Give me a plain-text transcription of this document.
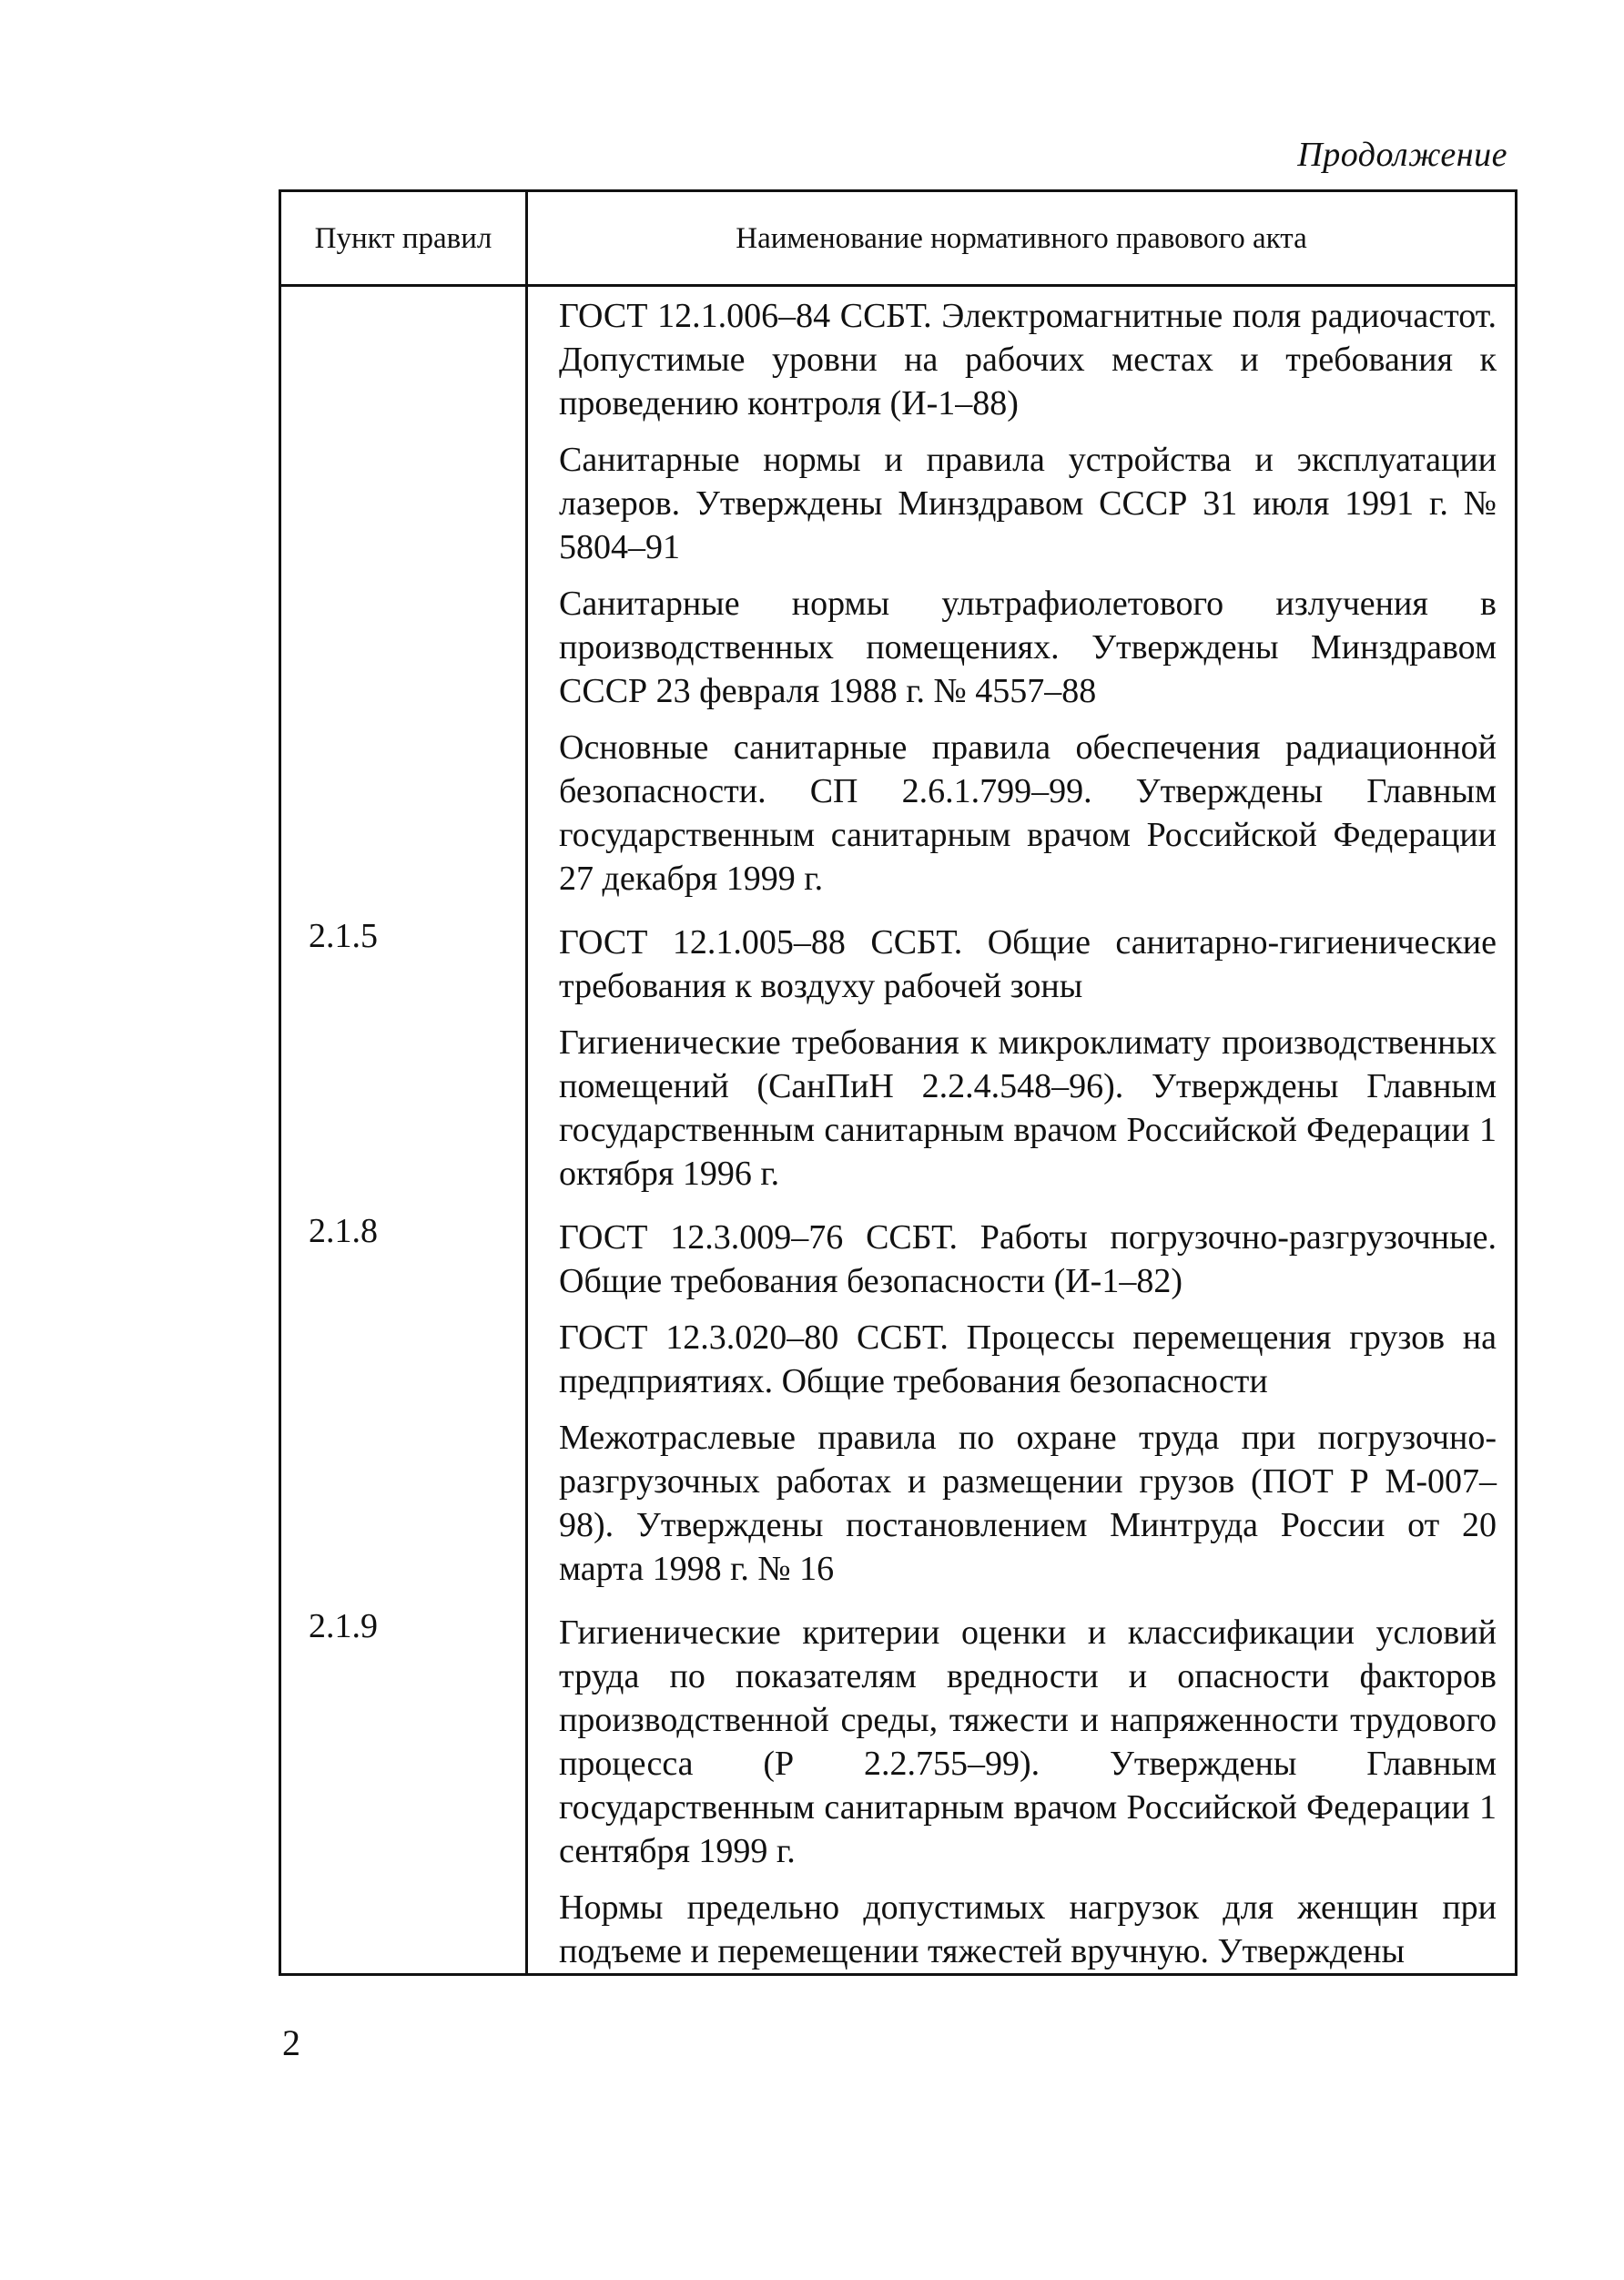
Продолжение
Пункт правил	Наименование нормативного правового акта

	ГОСТ 12.1.006–84 ССБТ. Электромагнитные поля радиочастот. Допустимые уровни на рабочих местах и требования к проведению контроля (И-1–88)

Санитарные нормы и правила устройства и эксплуатации лазеров. Утверждены Минздравом СССР 31 июля 1991 г. № 5804–91

Санитарные нормы ультрафиолетового излучения в производственных помещениях. Утверждены Минздравом СССР 23 февраля 1988 г. № 4557–88

Основные санитарные правила обеспечения радиационной безопасности. СП 2.6.1.799–99. Утверждены Главным государственным санитарным врачом Российской Федерации 27 декабря 1999 г.

2.1.5	ГОСТ 12.1.005–88 ССБТ. Общие санитарно-гигиенические требования к воздуху рабочей зоны

Гигиенические требования к микроклимату производственных помещений (СанПиН 2.2.4.548–96). Утверждены Главным государственным санитарным врачом Российской Федерации 1 октября 1996 г.

2.1.8	ГОСТ 12.3.009–76 ССБТ. Работы погрузочно-разгрузочные. Общие требования безопасности (И-1–82)

ГОСТ 12.3.020–80 ССБТ. Процессы перемещения грузов на предприятиях. Общие требования безопасности

Межотраслевые правила по охране труда при погрузочно-разгрузочных работах и размещении грузов (ПОТ Р М-007–98). Утверждены постановлением Минтруда России от 20 марта 1998 г. № 16

2.1.9	Гигиенические критерии оценки и классификации условий труда по показателям вредности и опасности факторов производственной среды, тяжести и напряженности трудового процесса (Р 2.2.755–99). Утверждены Главным государственным санитарным врачом Российской Федерации 1 сентября 1999 г.

Нормы предельно допустимых нагрузок для женщин при подъеме и перемещении тяжестей вручную. Утверждены

2
